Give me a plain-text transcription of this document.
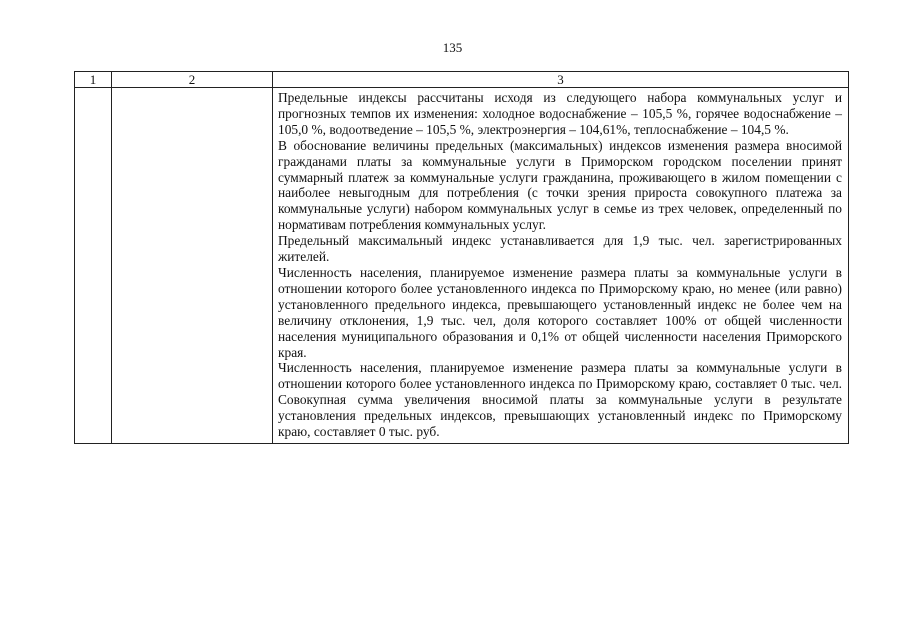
135
1	2	3

		Предельные индексы рассчитаны исходя из следующего набора коммунальных услуг и прогнозных темпов их изменения: холодное водоснабжение – 105,5 %, горячее водоснабжение – 105,0 %, водоотведение – 105,5 %, электроэнергия – 104,61%, теплоснабжение – 104,5 %.

В обоснование величины предельных (максимальных) индексов изменения размера вносимой гражданами платы за коммунальные услуги в Приморском городском поселении принят суммарный платеж за коммунальные услуги гражданина, проживающего в жилом помещении с наиболее невыгодным для потребления (с точки зрения прироста совокупного платежа за коммунальные услуги) набором коммунальных услуг в семье из трех человек, определенный по нормативам потребления коммунальных услуг.

Предельный максимальный индекс устанавливается для 1,9 тыс. чел. зарегистрированных жителей.

Численность населения, планируемое изменение размера платы за коммунальные услуги в отношении которого более установленного индекса по Приморскому краю, но менее (или равно) установленного предельного индекса, превышающего установленный индекс не более чем на величину отклонения, 1,9 тыс. чел, доля которого составляет 100% от общей численности населения муниципального образования и 0,1% от общей численности населения Приморского края.

Численность населения, планируемое изменение размера платы за коммунальные услуги в отношении которого более установленного индекса по Приморскому краю, составляет 0 тыс. чел. Совокупная сумма увеличения вносимой платы за коммунальные услуги в результате установления предельных индексов, превышающих установленный индекс по Приморскому краю, составляет 0 тыс. руб.
